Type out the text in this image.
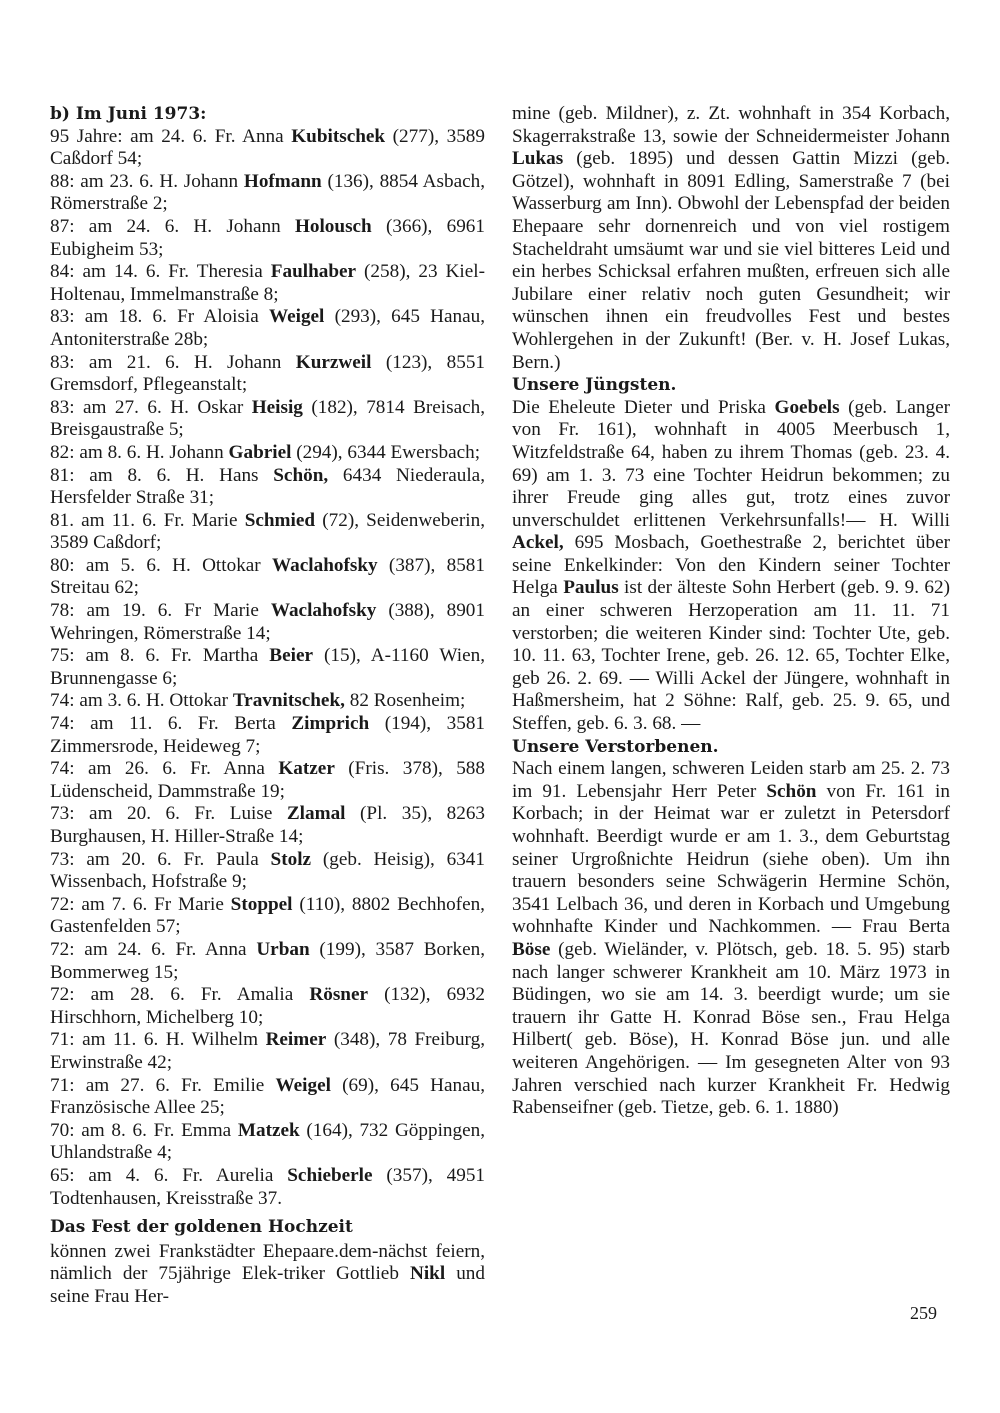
b) Im Juni 1973:

95 Jahre: am 24. 6. Fr. Anna Kubitschek (277), 3589 Caßdorf 54;

88: am 23. 6. H. Johann Hofmann (136), 8854 Asbach, Römerstraße 2;

87: am 24. 6. H. Johann Holousch (366), 6961 Eubigheim 53;

84: am 14. 6. Fr. Theresia Faulhaber (258), 23 Kiel-Holtenau, Immelmanstraße 8;

83: am 18. 6. Fr Aloisia Weigel (293), 645 Hanau, Antoniterstraße 28b;

83: am 21. 6. H. Johann Kurzweil (123), 8551 Gremsdorf, Pflegeanstalt;

83: am 27. 6. H. Oskar Heisig (182), 7814 Breisach, Breisgaustraße 5;

82: am 8. 6. H. Johann Gabriel (294), 6344 Ewersbach;

81: am 8. 6. H. Hans Schön, 6434 Niederaula, Hersfelder Straße 31;

81. am 11. 6. Fr. Marie Schmied (72), Seidenweberin, 3589 Caßdorf;

80: am 5. 6. H. Ottokar Waclahofsky (387), 8581 Streitau 62;

78: am 19. 6. Fr Marie Waclahofsky (388), 8901 Wehringen, Römerstraße 14;

75: am 8. 6. Fr. Martha Beier (15), A-1160 Wien, Brunnengasse 6;

74: am 3. 6. H. Ottokar Travnitschek, 82 Rosenheim;

74: am 11. 6. Fr. Berta Zimprich (194), 3581 Zimmersrode, Heideweg 7;

74: am 26. 6. Fr. Anna Katzer (Fris. 378), 588 Lüdenscheid, Dammstraße 19;

73: am 20. 6. Fr. Luise Zlamal (Pl. 35), 8263 Burghausen, H. Hiller-Straße 14;

73: am 20. 6. Fr. Paula Stolz (geb. Heisig), 6341 Wissenbach, Hofstraße 9;

72: am 7. 6. Fr Marie Stoppel (110), 8802 Bechhofen, Gastenfelden 57;

72: am 24. 6. Fr. Anna Urban (199), 3587 Borken, Bommerweg 15;

72: am 28. 6. Fr. Amalia Rösner (132), 6932 Hirschhorn, Michelberg 10;

71: am 11. 6. H. Wilhelm Reimer (348), 78 Freiburg, Erwinstraße 42;

71: am 27. 6. Fr. Emilie Weigel (69), 645 Hanau, Französische Allee 25;

70: am 8. 6. Fr. Emma Matzek (164), 732 Göppingen, Uhlandstraße 4;

65: am 4. 6. Fr. Aurelia Schieberle (357), 4951 Todtenhausen, Kreisstraße 37.

Das Fest der goldenen Hochzeit

können zwei Frankstädter Ehepaare.dem-nächst feiern, nämlich der 75jährige Elek-triker Gottlieb Nikl und seine Frau Her-

mine (geb. Mildner), z. Zt. wohnhaft in 354 Korbach, Skagerrakstraße 13, sowie der Schneidermeister Johann Lukas (geb. 1895) und dessen Gattin Mizzi (geb. Götzel), wohnhaft in 8091 Edling, Samerstraße 7 (bei Wasserburg am Inn). Obwohl der Lebenspfad der beiden Ehepaare sehr dornenreich und von viel rostigem Stacheldraht umsäumt war und sie viel bitteres Leid und ein herbes Schicksal erfahren mußten, erfreuen sich alle Jubilare einer relativ noch guten Gesundheit; wir wünschen ihnen ein freudvolles Fest und bestes Wohlergehen in der Zukunft! (Ber. v. H. Josef Lukas, Bern.)

Unsere Jüngsten.

Die Eheleute Dieter und Priska Goebels (geb. Langer von Fr. 161), wohnhaft in 4005 Meerbusch 1, Witzfeldstraße 64, haben zu ihrem Thomas (geb. 23. 4. 69) am 1. 3. 73 eine Tochter Heidrun bekommen; zu ihrer Freude ging alles gut, trotz eines zuvor unverschuldet erlittenen Verkehrsunfalls!— H. Willi Ackel, 695 Mosbach, Goethestraße 2, berichtet über seine Enkelkinder: Von den Kindern seiner Tochter Helga Paulus ist der älteste Sohn Herbert (geb. 9. 9. 62) an einer schweren Herzoperation am 11. 11. 71 verstorben; die weiteren Kinder sind: Tochter Ute, geb. 10. 11. 63, Tochter Irene, geb. 26. 12. 65, Tochter Elke, geb 26. 2. 69. — Willi Ackel der Jüngere, wohnhaft in Haßmersheim, hat 2 Söhne: Ralf, geb. 25. 9. 65, und Steffen, geb. 6. 3. 68. —

Unsere Verstorbenen.

Nach einem langen, schweren Leiden starb am 25. 2. 73 im 91. Lebensjahr Herr Peter Schön von Fr. 161 in Korbach; in der Heimat war er zuletzt in Petersdorf wohnhaft. Beerdigt wurde er am 1. 3., dem Geburtstag seiner Urgroßnichte Heidrun (siehe oben). Um ihn trauern besonders seine Schwägerin Hermine Schön, 3541 Lelbach 36, und deren in Korbach und Umgebung wohnhafte Kinder und Nachkommen. — Frau Berta Böse (geb. Wieländer, v. Plötsch, geb. 18. 5. 95) starb nach langer schwerer Krankheit am 10. März 1973 in Büdingen, wo sie am 14. 3. beerdigt wurde; um sie trauern ihr Gatte H. Konrad Böse sen., Frau Helga Hilbert( geb. Böse), H. Konrad Böse jun. und alle weiteren Angehörigen. — Im gesegneten Alter von 93 Jahren verschied nach kurzer Krankheit Fr. Hedwig Rabenseifner (geb. Tietze, geb. 6. 1. 1880)

259
